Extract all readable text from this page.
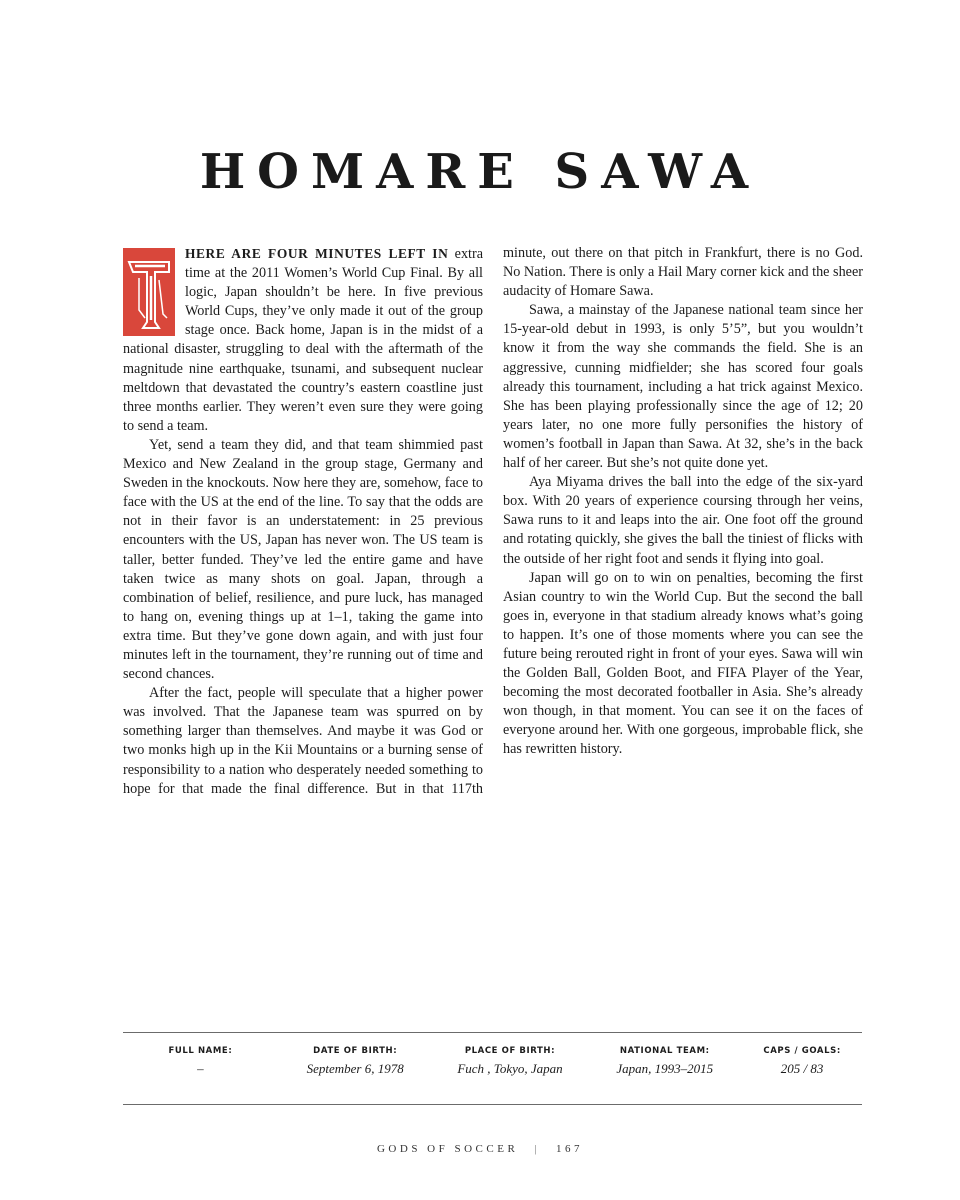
HOMARE SAWA

HERE ARE FOUR MINUTES LEFT IN extra time at the 2011 Women’s World Cup Final. By all logic, Japan shouldn’t be here. In five previous World Cups, they’ve only made it out of the group stage once. Back home, Japan is in the midst of a national disaster, struggling to deal with the aftermath of the magnitude nine earthquake, tsunami, and subsequent nuclear meltdown that devastated the country’s eastern coastline just three months earlier. They weren’t even sure they were going to send a team.

Yet, send a team they did, and that team shimmied past Mexico and New Zealand in the group stage, Germany and Sweden in the knockouts. Now here they are, somehow, face to face with the US at the end of the line. To say that the odds are not in their favor is an understatement: in 25 previous encounters with the US, Japan has never won. The US team is taller, better funded. They’ve led the entire game and have taken twice as many shots on goal. Japan, through a combination of belief, resilience, and pure luck, has managed to hang on, evening things up at 1–1, taking the game into extra time. But they’ve gone down again, and with just four minutes left in the tournament, they’re running out of time and second chances.

After the fact, people will speculate that a higher power was involved. That the Japanese team was spurred on by something larger than themselves. And maybe it was God or two monks high up in the Kii Mountains or a burning sense of responsibility to a nation who desperately needed something to hope for that made the final difference. But in that 117th minute, out there on that pitch in Frankfurt, there is no God. No Nation. There is only a Hail Mary corner kick and the sheer audacity of Homare Sawa.

Sawa, a mainstay of the Japanese national team since her 15-year-old debut in 1993, is only 5’5”, but you wouldn’t know it from the way she commands the field. She is an aggressive, cunning midfielder; she has scored four goals already this tournament, including a hat trick against Mexico. She has been playing professionally since the age of 12; 20 years later, no one more fully personifies the history of women’s football in Japan than Sawa. At 32, she’s in the back half of her career. But she’s not quite done yet.

Aya Miyama drives the ball into the edge of the six-yard box. With 20 years of experience coursing through her veins, Sawa runs to it and leaps into the air. One foot off the ground and rotating quickly, she gives the ball the tiniest of flicks with the outside of her right foot and sends it flying into goal.

Japan will go on to win on penalties, becoming the first Asian country to win the World Cup. But the second the ball goes in, everyone in that stadium already knows what’s going to happen. It’s one of those moments where you can see the future being rerouted right in front of your eyes. Sawa will win the Golden Ball, Golden Boot, and FIFA Player of the Year, becoming the most decorated footballer in Asia. She’s already won though, in that moment. You can see it on the faces of everyone around her. With one gorgeous, improbable flick, she has rewritten history.

FULL NAME:
–
DATE OF BIRTH:
September 6, 1978
PLACE OF BIRTH:
Fuch , Tokyo, Japan
NATIONAL TEAM:
Japan, 1993–2015
CAPS / GOALS:
205 / 83
GODS OF SOCCER | 167
